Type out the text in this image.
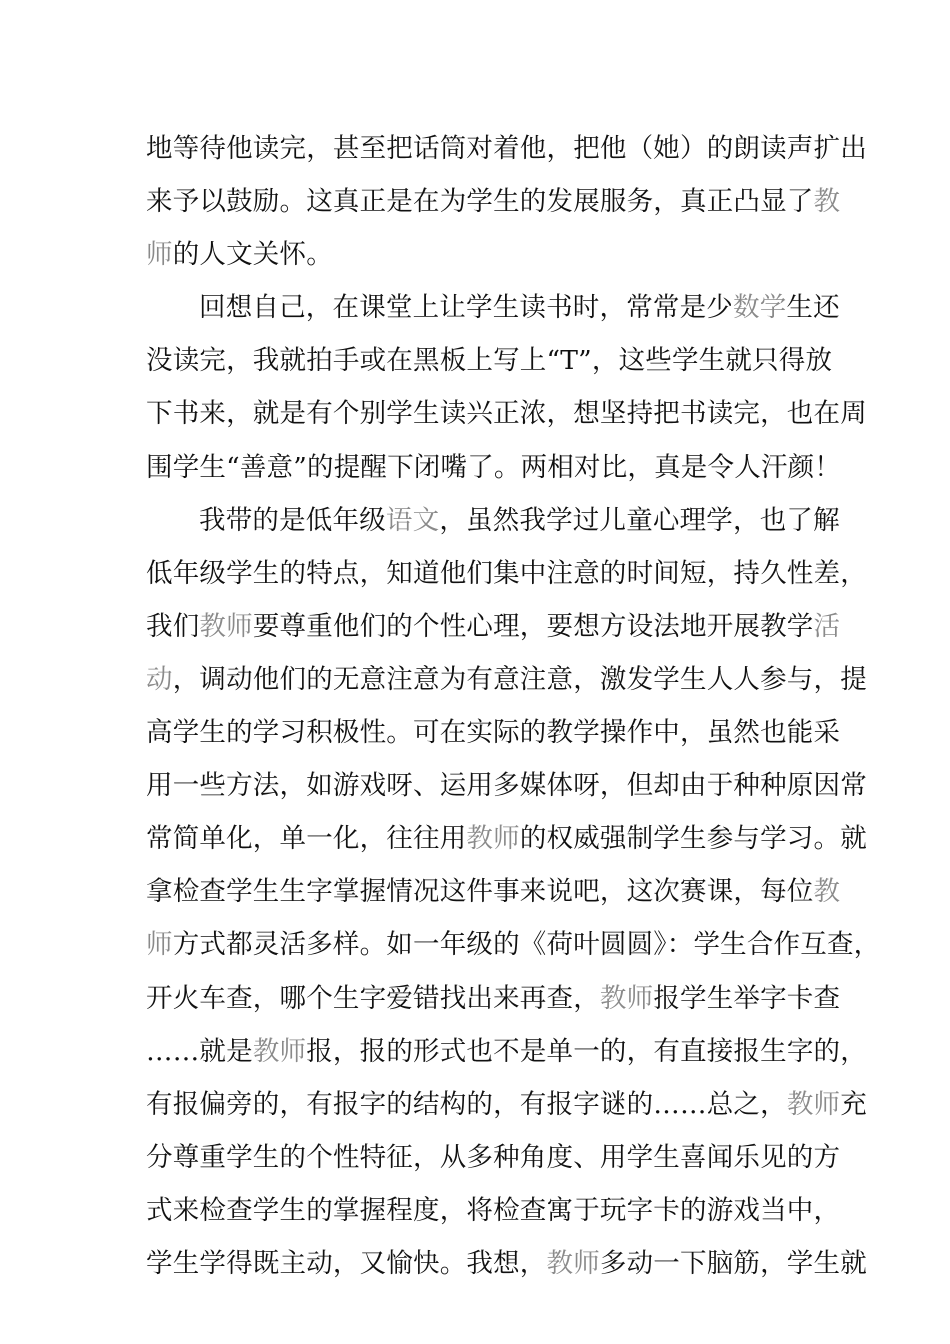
地等待他读完，甚至把话筒对着他，把他（她）的朗读声扩出
来予以鼓励。这真正是在为学生的发展服务，真正凸显了教
师的人文关怀。
回想自己，在课堂上让学生读书时，常常是少数学生还
没读完，我就拍手或在黑板上写上“T”，这些学生就只得放
下书来，就是有个别学生读兴正浓，想坚持把书读完，也在周
围学生“善意”的提醒下闭嘴了。两相对比，真是令人汗颜！
我带的是低年级语文，虽然我学过儿童心理学，也了解
低年级学生的特点，知道他们集中注意的时间短，持久性差，
我们教师要尊重他们的个性心理，要想方设法地开展教学活
动，调动他们的无意注意为有意注意，激发学生人人参与，提
高学生的学习积极性。可在实际的教学操作中，虽然也能采
用一些方法，如游戏呀、运用多媒体呀，但却由于种种原因常
常简单化，单一化，往往用教师的权威强制学生参与学习。就
拿检查学生生字掌握情况这件事来说吧，这次赛课，每位教
师方式都灵活多样。如一年级的《荷叶圆圆》：学生合作互查，
开火车查，哪个生字爱错找出来再查，教师报学生举字卡查
……就是教师报，报的形式也不是单一的，有直接报生字的，
有报偏旁的，有报字的结构的，有报字谜的……总之，教师充
分尊重学生的个性特征，从多种角度、用学生喜闻乐见的方
式来检查学生的掌握程度，将检查寓于玩字卡的游戏当中，
学生学得既主动，又愉快。我想，教师多动一下脑筋，学生就
